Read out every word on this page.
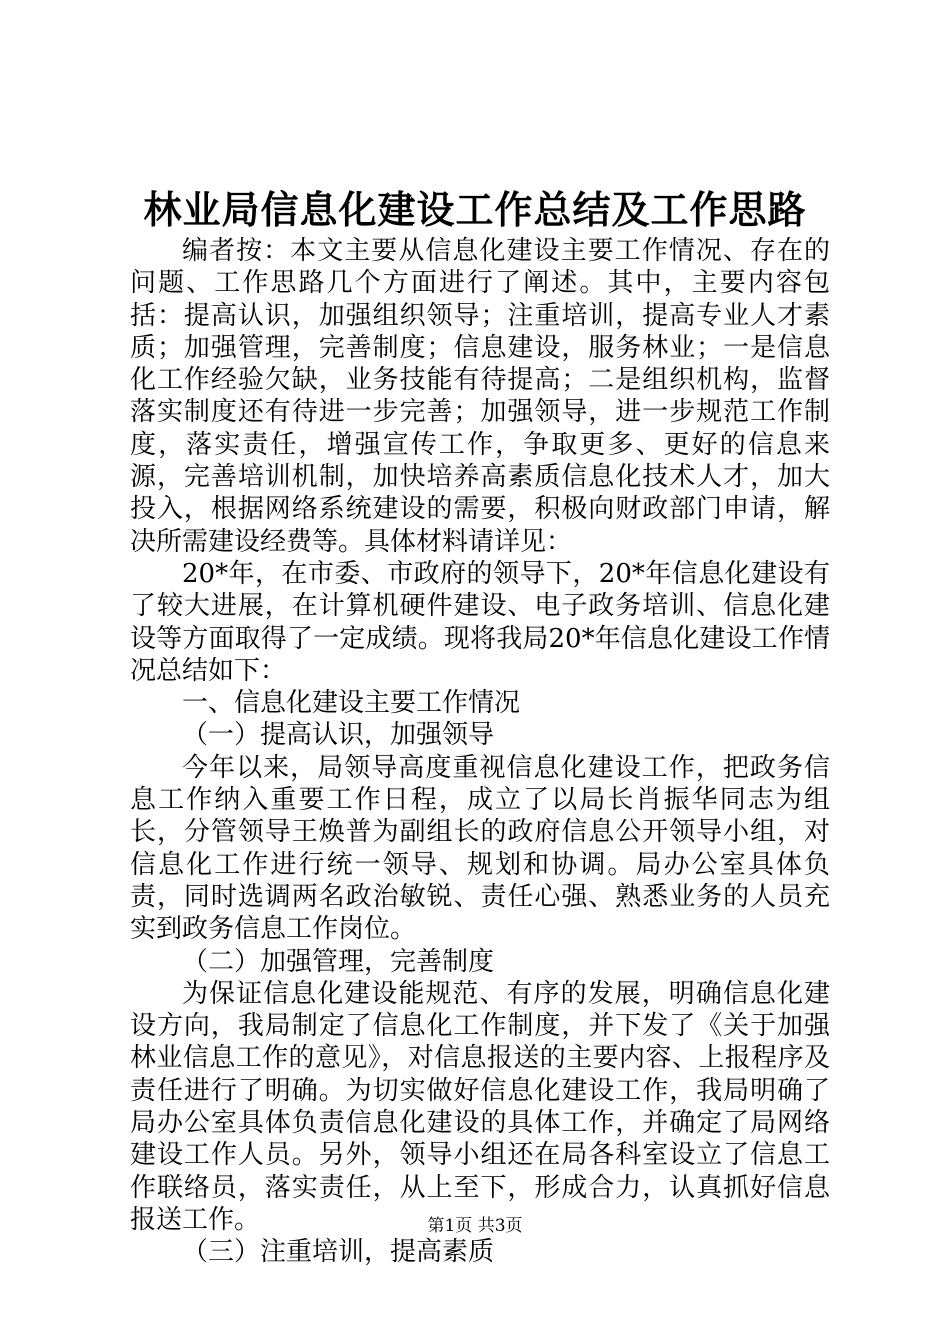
林业局信息化建设工作总结及工作思路

编者按：本文主要从信息化建设主要工作情况、存在的问题、工作思路几个方面进行了阐述。其中，主要内容包括：提高认识，加强组织领导；注重培训，提高专业人才素质；加强管理，完善制度；信息建设，服务林业；一是信息化工作经验欠缺，业务技能有待提高；二是组织机构，监督落实制度还有待进一步完善；加强领导，进一步规范工作制度，落实责任，增强宣传工作，争取更多、更好的信息来源，完善培训机制，加快培养高素质信息化技术人才，加大投入，根据网络系统建设的需要，积极向财政部门申请，解决所需建设经费等。具体材料请详见：

20*年，在市委、市政府的领导下，20*年信息化建设有了较大进展，在计算机硬件建设、电子政务培训、信息化建设等方面取得了一定成绩。现将我局20*年信息化建设工作情况总结如下：

一、信息化建设主要工作情况

（一）提高认识，加强领导

今年以来，局领导高度重视信息化建设工作，把政务信息工作纳入重要工作日程，成立了以局长肖振华同志为组长，分管领导王焕普为副组长的政府信息公开领导小组，对信息化工作进行统一领导、规划和协调。局办公室具体负责，同时选调两名政治敏锐、责任心强、熟悉业务的人员充实到政务信息工作岗位。

（二）加强管理，完善制度

为保证信息化建设能规范、有序的发展，明确信息化建设方向，我局制定了信息化工作制度，并下发了《关于加强林业信息工作的意见》，对信息报送的主要内容、上报程序及责任进行了明确。为切实做好信息化建设工作，我局明确了局办公室具体负责信息化建设的具体工作，并确定了局网络建设工作人员。另外，领导小组还在局各科室设立了信息工作联络员，落实责任，从上至下，形成合力，认真抓好信息报送工作。

（三）注重培训，提高素质

第1页 共3页
